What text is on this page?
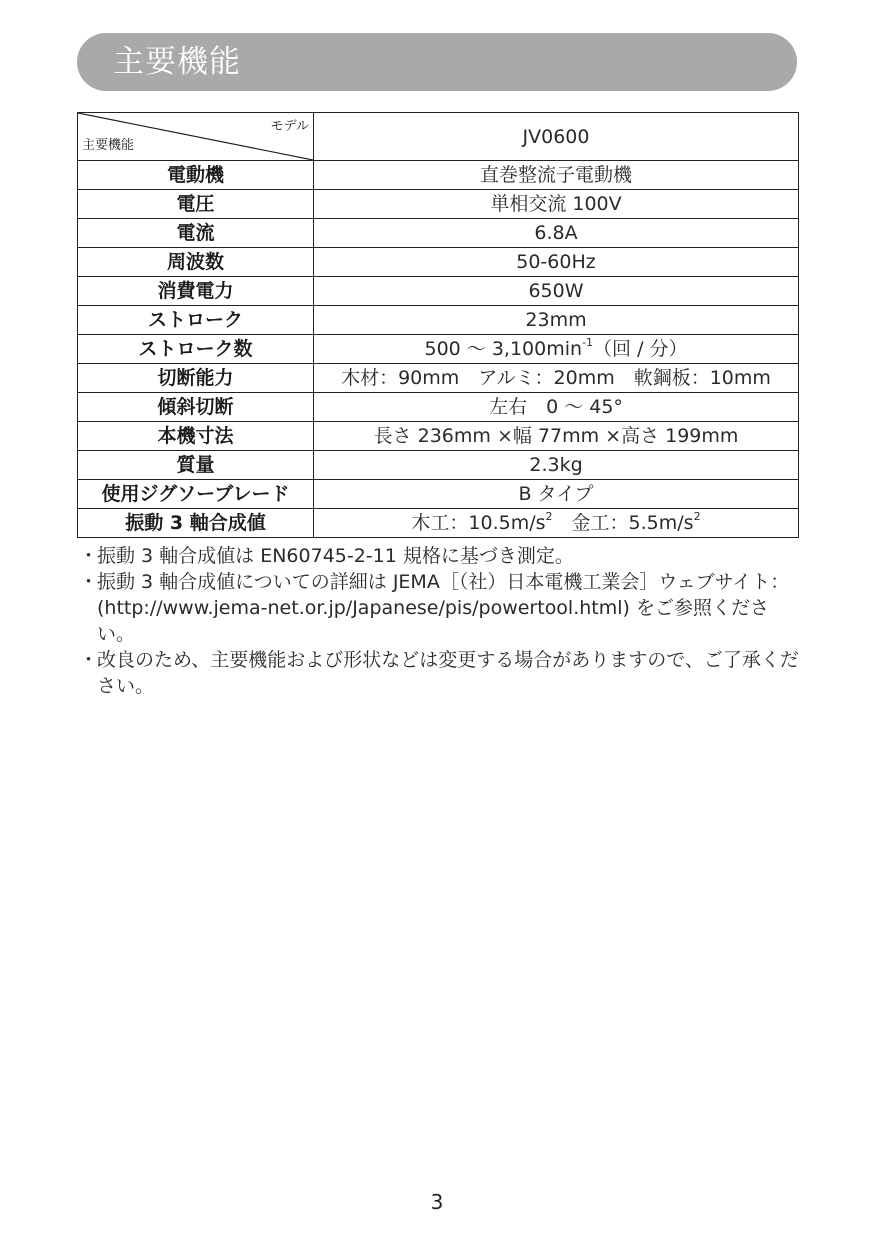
主要機能
モデル
主要機能	JV0600
電動機	直巻整流子電動機
電圧	単相交流 100V
電流	6.8A
周波数	50-60Hz
消費電力	650W
ストローク	23mm
ストローク数	500 ～ $3,100\min^{-1}$（回 / 分）
切断能力	木材：90mm　アルミ：20mm　軟鋼板：10mm
傾斜切断	左右　0 ～ 45°
本機寸法	長さ 236mm ×幅 77mm ×高さ 199mm
質量	2.3kg
使用ジグソーブレード	B タイプ
振動 3 軸合成値	木工：$10.5m/s^2$　金工：$5.5m/s^2$

・
振動 3 軸合成値は EN60745-2-11 規格に基づき測定。

・
振動 3 軸合成値についての詳細は JEMA［（社）日本電機工業会］ウェブサイト：(http://www.jema-net.or.jp/Japanese/pis/powertool.html) をご参照ください。

・
改良のため、主要機能および形状などは変更する場合がありますので、ご了承ください。

3
